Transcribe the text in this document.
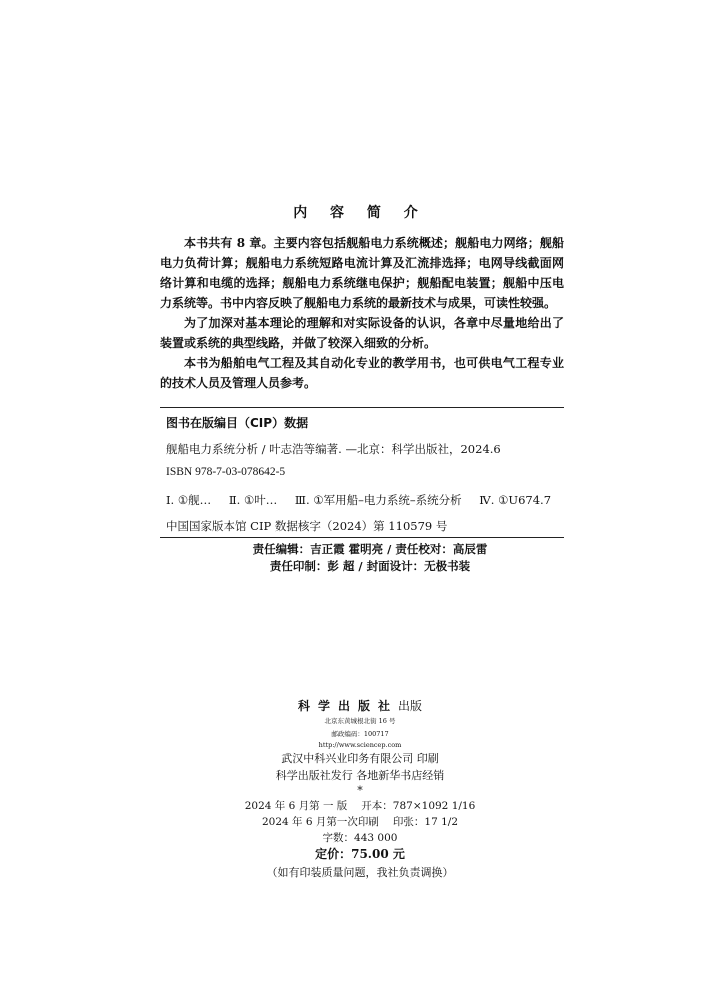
内 容 简 介

本书共有 8 章。主要内容包括舰船电力系统概述；舰船电力网络；舰船电力负荷计算；舰船电力系统短路电流计算及汇流排选择；电网导线截面网络计算和电缆的选择；舰船电力系统继电保护；舰船配电装置；舰船中压电力系统等。书中内容反映了舰船电力系统的最新技术与成果，可读性较强。

为了加深对基本理论的理解和对实际设备的认识，各章中尽量地给出了装置或系统的典型线路，并做了较深入细致的分析。

本书为船舶电气工程及其自动化专业的教学用书，也可供电气工程专业的技术人员及管理人员参考。

图书在版编目（CIP）数据
舰船电力系统分析 / 叶志浩等编著. —北京：科学出版社，2024.6
ISBN 978-7-03-078642-5
Ⅰ. ①舰… Ⅱ. ①叶… Ⅲ. ①军用船–电力系统–系统分析 Ⅳ. ①U674.7
中国国家版本馆 CIP 数据核字（2024）第 110579 号
责任编辑：吉正霞 霍明亮 / 责任校对：高辰雷
责任印制：彭 超 / 封面设计：无极书装
科学出版社出版
北京东黄城根北街 16 号
邮政编码：100717
http://www.sciencep.com
武汉中科兴业印务有限公司 印刷
科学出版社发行 各地新华书店经销
*
2024 年 6 月第 一 版 开本：787×1092 1/16
2024 年 6 月第一次印刷 印张：17 1/2
字数：443 000
定价：75.00 元
（如有印装质量问题，我社负责调换）
